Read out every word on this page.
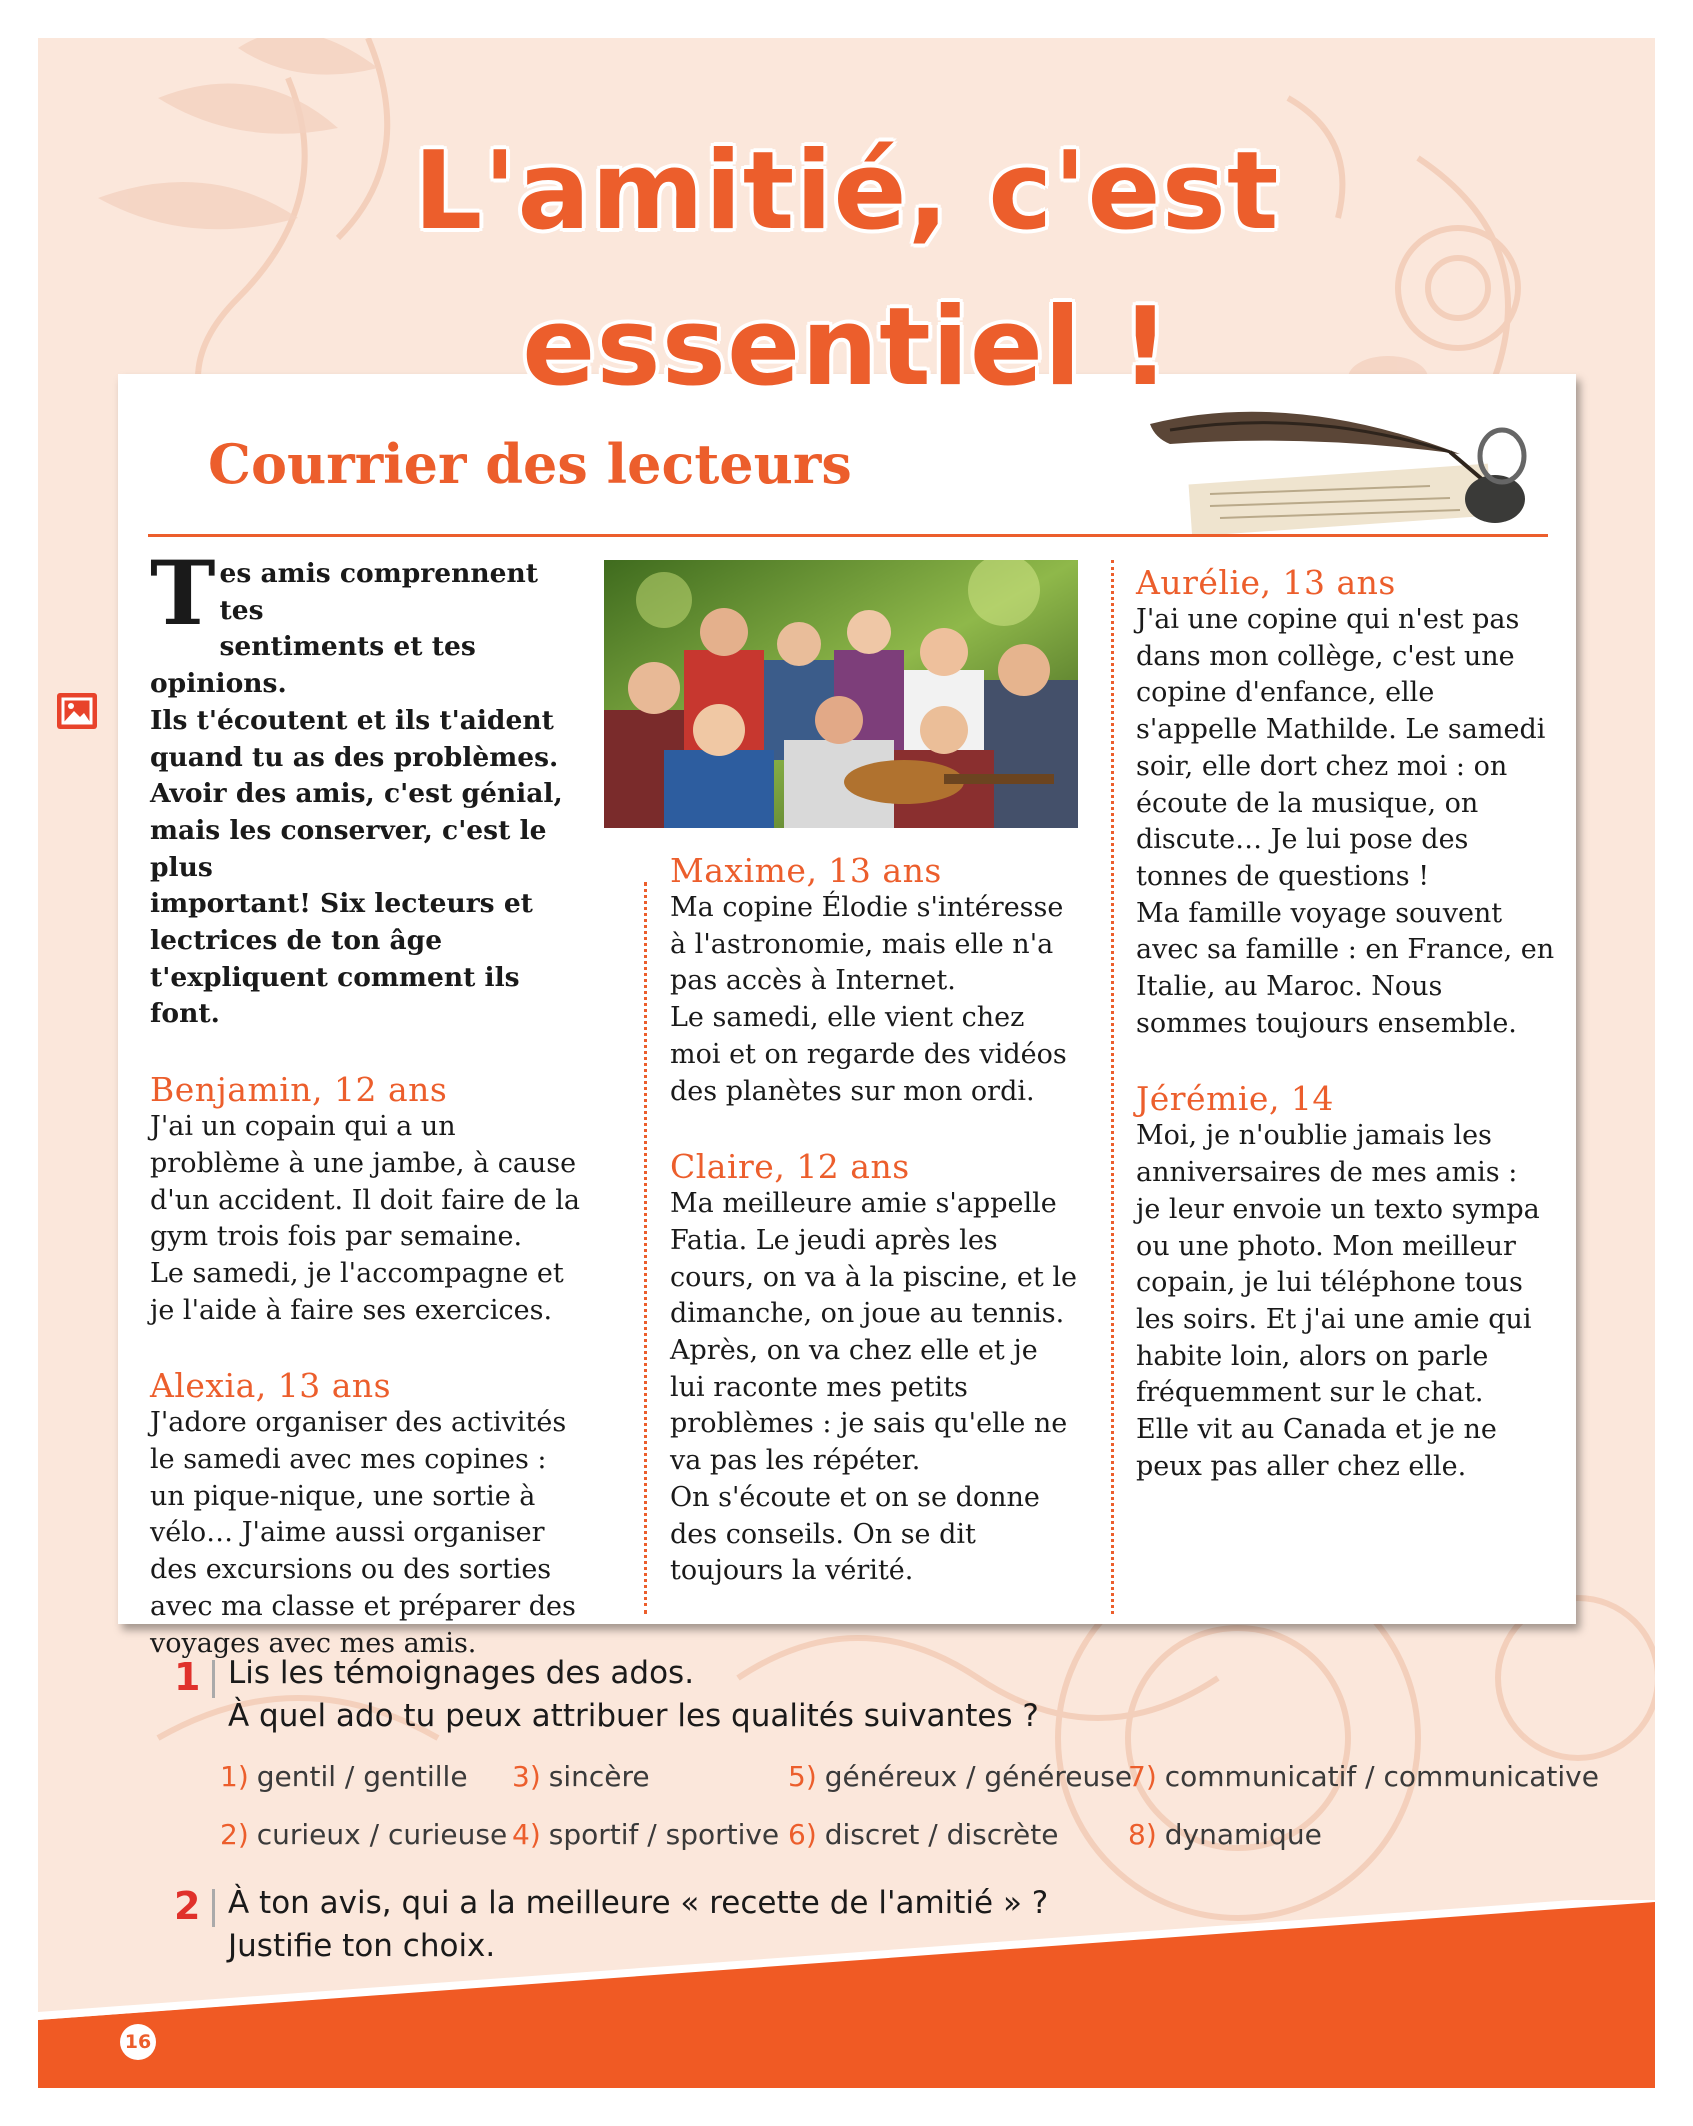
L'amitié, c'est
essentiel !
Courrier des lecteurs
T es amis comprennent tes
sentiments et tes opinions.
Ils t'écoutent et ils t'aident
quand tu as des problèmes.
Avoir des amis, c'est génial,
mais les conserver, c'est le plus
important! Six lecteurs et
lectrices de ton âge
t'expliquent comment ils font.
Benjamin, 12 ans
J'ai un copain qui a un
problème à une jambe, à cause
d'un accident. Il doit faire de la
gym trois fois par semaine.
Le samedi, je l'accompagne et
je l'aide à faire ses exercices.
Alexia, 13 ans
J'adore organiser des activités
le samedi avec mes copines :
un pique-nique, une sortie à
vélo… J'aime aussi organiser
des excursions ou des sorties
avec ma classe et préparer des
voyages avec mes amis.
Maxime, 13 ans
Ma copine Élodie s'intéresse
à l'astronomie, mais elle n'a
pas accès à Internet.
Le samedi, elle vient chez
moi et on regarde des vidéos
des planètes sur mon ordi.
Claire, 12 ans
Ma meilleure amie s'appelle
Fatia. Le jeudi après les
cours, on va à la piscine, et le
dimanche, on joue au tennis.
Après, on va chez elle et je
lui raconte mes petits
problèmes : je sais qu'elle ne
va pas les répéter.
On s'écoute et on se donne
des conseils. On se dit
toujours la vérité.
Aurélie, 13 ans
J'ai une copine qui n'est pas
dans mon collège, c'est une
copine d'enfance, elle
s'appelle Mathilde. Le samedi
soir, elle dort chez moi : on
écoute de la musique, on
discute… Je lui pose des
tonnes de questions !
Ma famille voyage souvent
avec sa famille : en France, en
Italie, au Maroc. Nous
sommes toujours ensemble.
Jérémie, 14
Moi, je n'oublie jamais les
anniversaires de mes amis :
je leur envoie un texto sympa
ou une photo. Mon meilleur
copain, je lui téléphone tous
les soirs. Et j'ai une amie qui
habite loin, alors on parle
fréquemment sur le chat.
Elle vit au Canada et je ne
peux pas aller chez elle.
1 Lis les témoignages des ados.
À quel ado tu peux attribuer les qualités suivantes ?
1) gentil / gentille
2) curieux / curieuse
3) sincère
4) sportif / sportive
5) généreux / généreuse
6) discret / discrète
7) communicatif / communicative
8) dynamique
2 À ton avis, qui a la meilleure « recette de l'amitié » ?
Justifie ton choix.
16
